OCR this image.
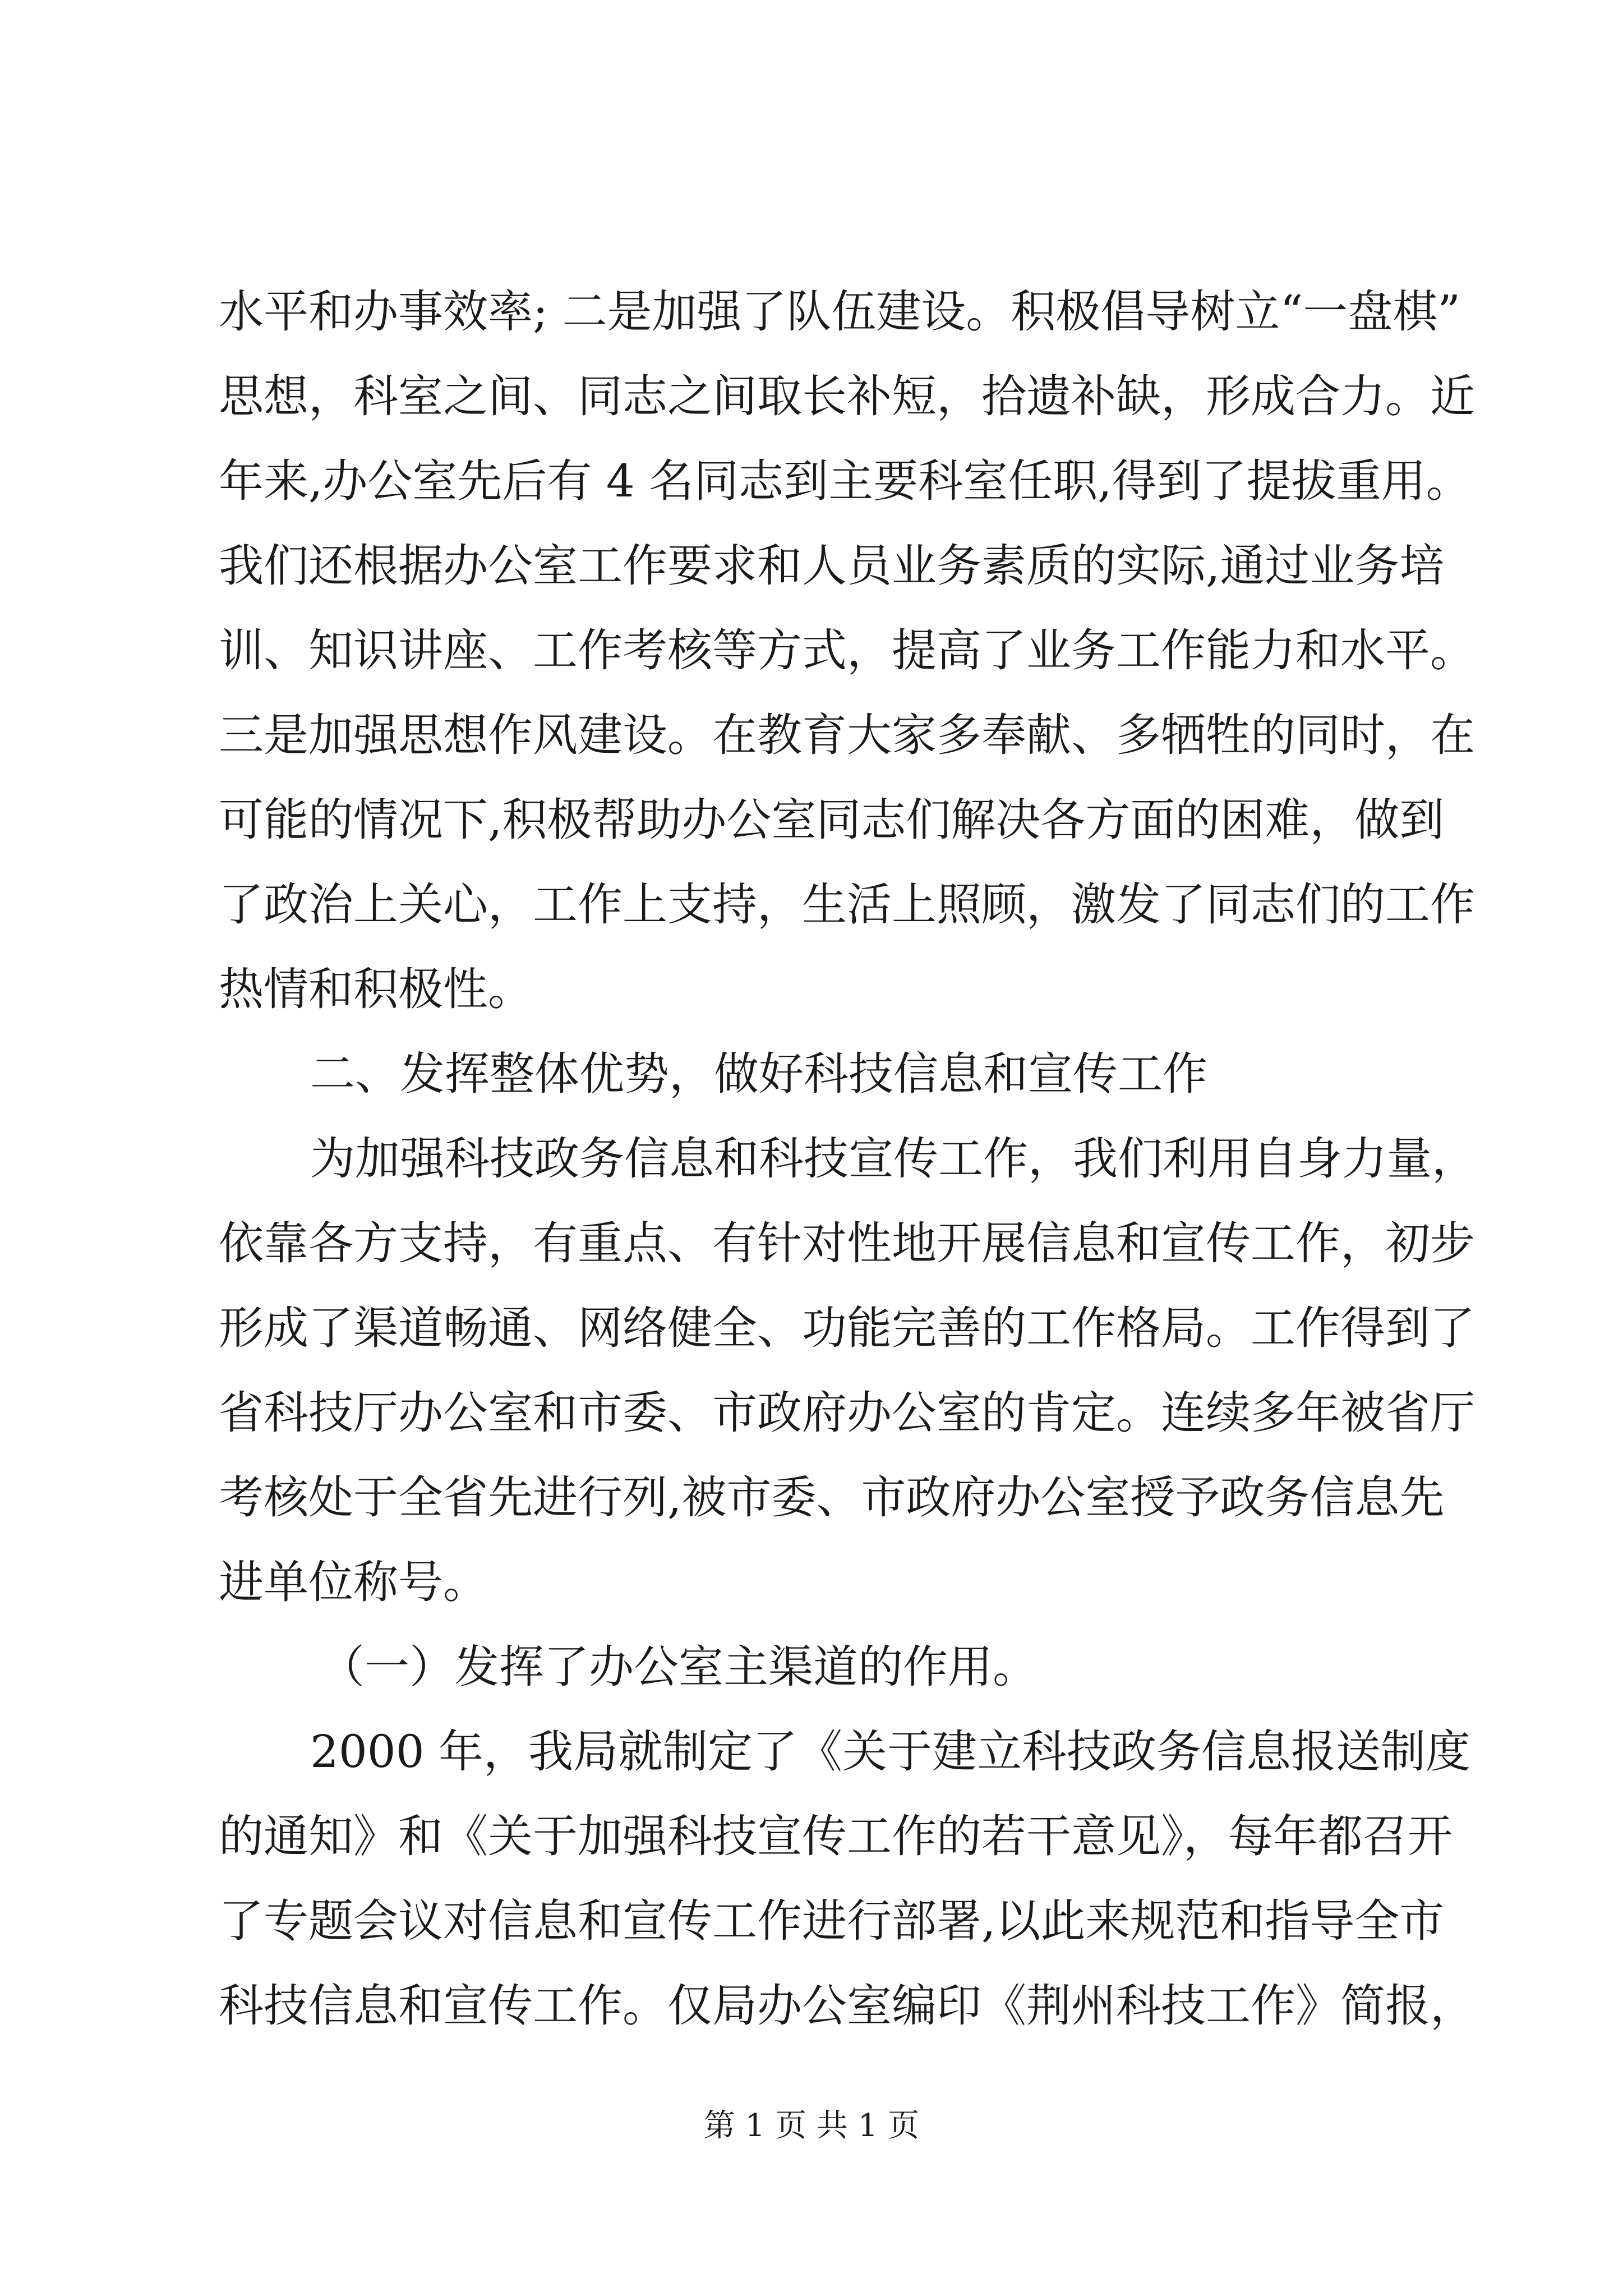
水平和办事效率; 二是加强了队伍建设。积极倡导树立“一盘棋”
思想，科室之间、同志之间取长补短，拾遗补缺，形成合力。近
年来,办公室先后有 4 名同志到主要科室任职,得到了提拔重用。
我们还根据办公室工作要求和人员业务素质的实际,通过业务培
训、知识讲座、工作考核等方式，提高了业务工作能力和水平。
三是加强思想作风建设。在教育大家多奉献、多牺牲的同时，在
可能的情况下,积极帮助办公室同志们解决各方面的困难，做到
了政治上关心，工作上支持，生活上照顾，激发了同志们的工作
热情和积极性。
二、发挥整体优势，做好科技信息和宣传工作
为加强科技政务信息和科技宣传工作，我们利用自身力量，
依靠各方支持，有重点、有针对性地开展信息和宣传工作，初步
形成了渠道畅通、网络健全、功能完善的工作格局。工作得到了
省科技厅办公室和市委、市政府办公室的肯定。连续多年被省厅
考核处于全省先进行列,被市委、市政府办公室授予政务信息先
进单位称号。
（一）发挥了办公室主渠道的作用。
2000 年，我局就制定了《关于建立科技政务信息报送制度
的通知》和《关于加强科技宣传工作的若干意见》，每年都召开
了专题会议对信息和宣传工作进行部署,以此来规范和指导全市
科技信息和宣传工作。仅局办公室编印《荆州科技工作》简报，
第 1 页 共 1 页
